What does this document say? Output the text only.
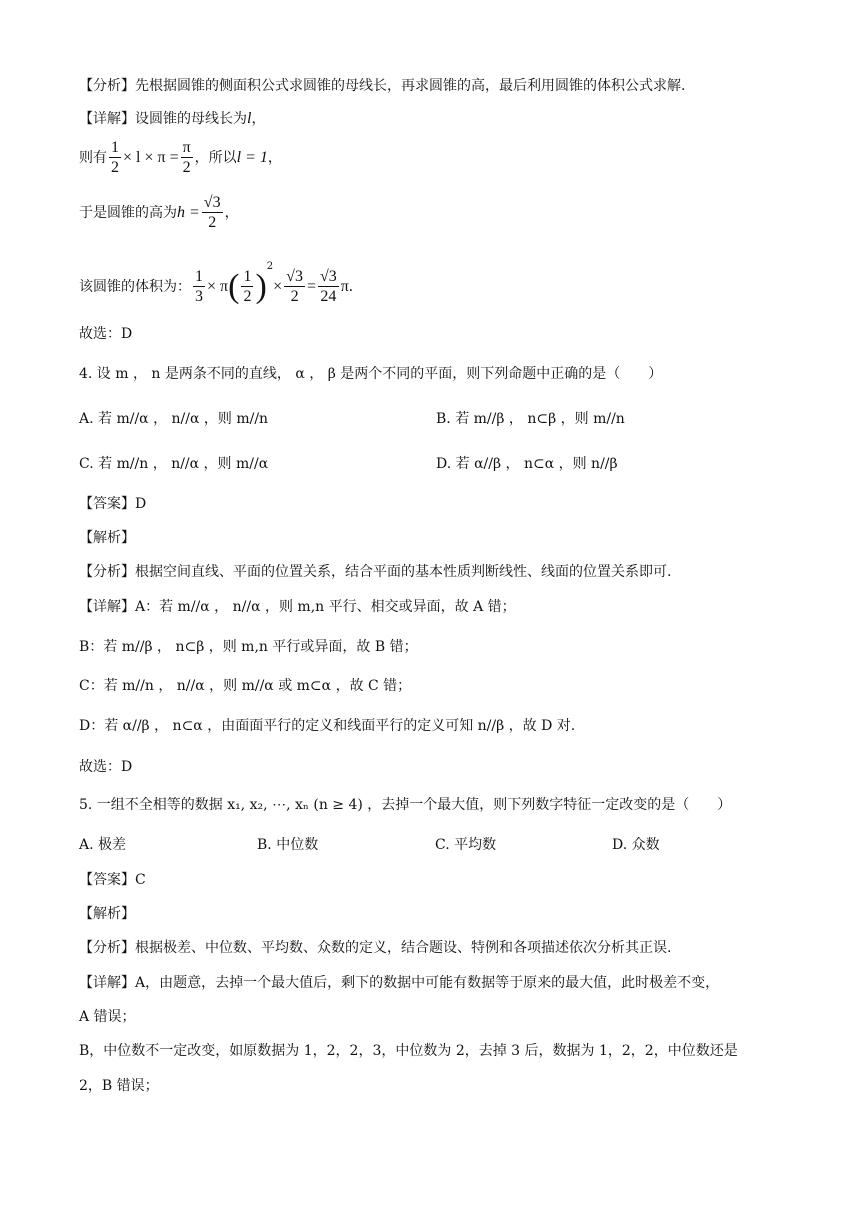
【分析】先根据圆锥的侧面积公式求圆锥的母线长，再求圆锥的高，最后利用圆锥的体积公式求解.
【详解】设圆锥的母线长为l，
则有 $\frac{1}{2} \times l \times \pi = \frac{\pi}{2}$ ，所以l = 1，
于是圆锥的高为$h = \frac{√3}{2}$ ，
该圆锥的体积为： $\frac{1}{3} \times \pi( \frac{1}{2} )^2\times \frac{√3}{2} = \frac{√3}{24} \pi$.
故选：D
4. 设 m ， n 是两条不同的直线， α ， β 是两个不同的平面，则下列命题中正确的是（　　）
A. 若 m//α ， n//α ，则 m//n	B. 若 m//β ， n⊂β ，则 m//n
C. 若 m//n ， n//α ，则 m//α	D. 若 α//β ， n⊂α ，则 n//β
【答案】D
【解析】
【分析】根据空间直线、平面的位置关系，结合平面的基本性质判断线性、线面的位置关系即可.
【详解】A：若 m//α ， n//α ，则 m,n 平行、相交或异面，故 A 错；
B：若 m//β ， n⊂β ，则 m,n 平行或异面，故 B 错；
C：若 m//n ， n//α ，则 m//α 或 m⊂α ，故 C 错；
D：若 α//β ， n⊂α ，由面面平行的定义和线面平行的定义可知 n//β ，故 D 对.
故选：D
5. 一组不全相等的数据 x₁, x₂, ⋯, xₙ (n ≥ 4) ，去掉一个最大值，则下列数字特征一定改变的是（　　）
A. 极差	B. 中位数	C. 平均数	D. 众数
【答案】C
【解析】
【分析】根据极差、中位数、平均数、众数的定义，结合题设、特例和各项描述依次分析其正误.
【详解】A，由题意，去掉一个最大值后，剩下的数据中可能有数据等于原来的最大值，此时极差不变，
A 错误；
B，中位数不一定改变，如原数据为 1，2，2，3，中位数为 2，去掉 3 后，数据为 1，2，2，中位数还是
2，B 错误；
